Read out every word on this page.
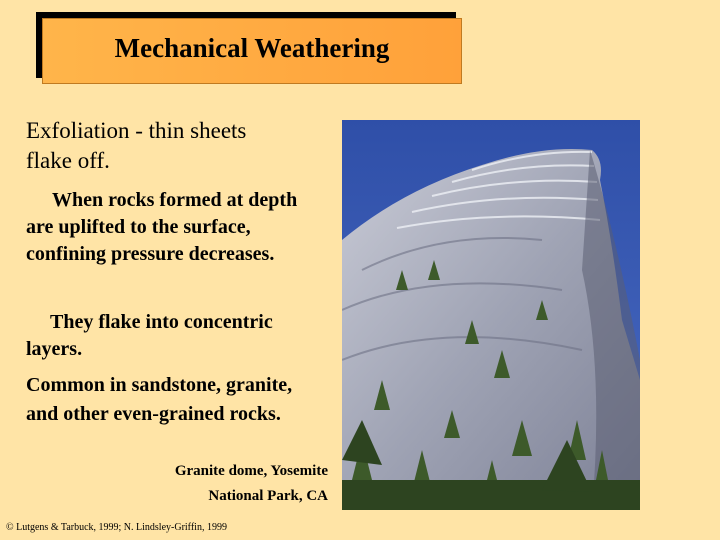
Mechanical Weathering
Exfoliation - thin sheets
flake off.

When rocks formed at depth are uplifted to the surface, confining pressure decreases.

They flake into concentric layers.

Common in sandstone, granite, and other even-grained rocks.

Granite dome, Yosemite
National Park, CA
© Lutgens & Tarbuck, 1999; N. Lindsley-Griffin, 1999
